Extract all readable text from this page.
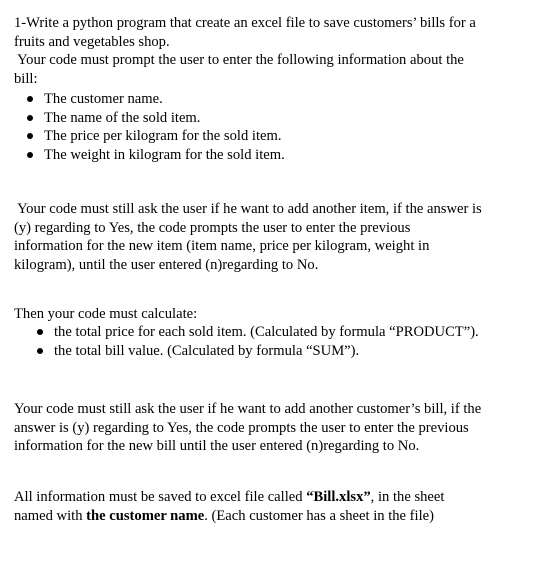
1-Write a python program that create an excel file to save customers’ bills for a
fruits and vegetables shop.
Your code must prompt the user to enter the following information about the
bill:
The customer name.
The name of the sold item.
The price per kilogram for the sold item.
The weight in kilogram for the sold item.
Your code must still ask the user if he want to add another item, if the answer is
(y) regarding to Yes, the code prompts the user to enter the previous
information for the new item (item name, price per kilogram, weight in
kilogram), until the user entered (n)regarding to No.
Then your code must calculate:
the total price for each sold item. (Calculated by formula “PRODUCT”).
the total bill value. (Calculated by formula “SUM”).
Your code must still ask the user if he want to add another customer’s bill, if the
answer is (y) regarding to Yes, the code prompts the user to enter the previous
information for the new bill until the user entered (n)regarding to No.
All information must be saved to excel file called “Bill.xlsx”, in the sheet
named with the customer name. (Each customer has a sheet in the file)
